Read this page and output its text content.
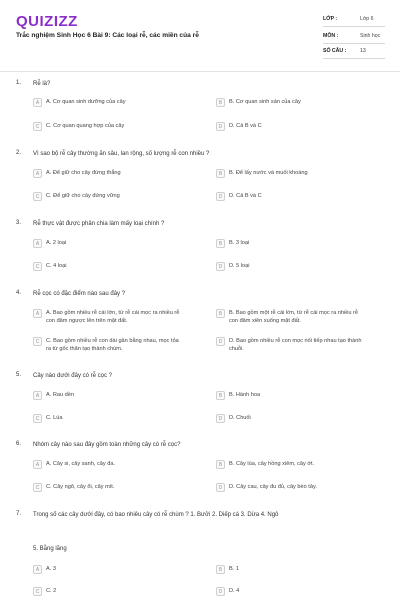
QUIZIZZ
Trắc nghiệm Sinh Học 6 Bài 9: Các loại rễ, các miền của rễ
LỚP :	Lớp 6
MÔN :	Sinh học
SỐ CÂU :	13
1. Rễ là?
A	A. Cơ quan sinh dưỡng của cây	B	B. Cơ quan sinh sản của cây
C	C. Cơ quan quang hợp của cây	D	D. Cả B và C
2. Vì sao bộ rễ cây thường ăn sâu, lan rộng, số lượng rễ con nhiều ?
A	A. Để giữ cho cây đứng thẳng	B	B. Để lấy nước và muối khoáng
C	C. Để giữ cho cây đứng vững	D	D. Cả B và C
3. Rễ thực vật được phân chia làm mấy loại chính ?
A	A. 2 loại	B	B. 3 loại
C	C. 4 loại	D	D. 5 loại
4. Rễ cọc có đặc điểm nào sau đây ?
A	A. Bao gồm nhiều rễ cái lớn, từ rễ cái mọc ra nhiều rễ con đâm ngược lên trên mặt đất.
B	B. Bao gồm một rễ cái lớn, từ rễ cái mọc ra nhiều rễ con đâm xiên xuống mặt đất.
C	C. Bao gồm nhiều rễ con dài gần bằng nhau, mọc tỏa ra từ gốc thân tạo thành chùm.
D	D. Bao gồm nhiều rễ con mọc nối tiếp nhau tạo thành chuỗi.
5. Cây nào dưới đây có rễ cọc ?
A	A. Rau dền	B	B. Hành hoa
C	C. Lúa	D	D. Chuối
6. Nhóm cây nào sau đây gồm toàn những cây có rễ cọc?
A	A. Cây si, cây sanh, cây đa.	B	B. Cây lúa, cây hồng xiêm, cây ớt.
C	C. Cây ngô, cây ổi, cây mít.	D	D. Cây cau, cây đu đủ, cây bèo tây.
7. Trong số các cây dưới đây, có bao nhiêu cây có rễ chùm ? 1. Bưởi 2. Diếp cá 3. Dừa 4. Ngô
5. Bằng lăng
A	A. 3	B	B. 1
C	C. 2	D	D. 4
